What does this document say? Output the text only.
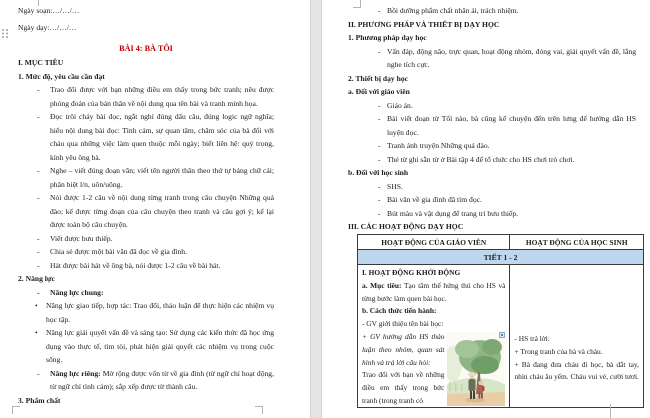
Ngày soạn:…/…/…

Ngày dạy:…/…/…

BÀI 4: BÀ TÔI

I. MỤC TIÊU

1. Mức độ, yêu cầu cần đạt

- Trao đổi được với bạn những điều em thấy trong bức tranh; nêu được phỏng đoán của bản thân về nội dung qua tên bài và tranh minh họa.

- Đọc trôi chảy bài đọc, ngắt nghỉ đúng dấu câu, đúng logic ngữ nghĩa; hiểu nội dung bài đọc: Tình cảm, sự quan tâm, chăm sóc của bà đối với cháu qua những việc làm quen thuộc mỗi ngày; biết liên hệ: quý trọng, kính yêu ông bà.

- Nghe – viết đúng đoạn văn; viết tên người thân theo thứ tự bảng chữ cái; phân biệt l/n, uôn/uông.

- Nói được 1-2 câu về nội dung từng tranh trong câu chuyện Những quả đào; kể được từng đoạn của câu chuyện theo tranh và câu gợi ý; kể lại được toàn bộ câu chuyện.

- Viết được bưu thiếp.

- Chia sẻ được một bài văn đã đọc về gia đình.

- Hát được bài hát về ông bà, nói được 1-2 câu về bài hát.

2. Năng lực

- Năng lực chung:

• Năng lực giao tiếp, hợp tác: Trao đổi, thảo luận để thực hiện các nhiệm vụ học tập.

• Năng lực giải quyết vấn đề và sáng tạo: Sử dụng các kiến thức đã học ứng dụng vào thực tế, tìm tòi, phát hiện giải quyết các nhiệm vụ trong cuộc sống.

- Năng lực riêng: Mở rộng được vốn từ về gia đình (từ ngữ chỉ hoạt động, từ ngữ chỉ tình cảm); sắp xếp được từ thành câu.

3. Phẩm chất

- Bồi dưỡng phẩm chất nhân ái, trách nhiệm.

II. PHƯƠNG PHÁP VÀ THIẾT BỊ DẠY HỌC

1. Phương pháp dạy học

- Vấn đáp, động não, trực quan, hoạt động nhóm, đóng vai, giải quyết vấn đề, lắng nghe tích cực.

2. Thiết bị dạy học

a. Đối với giáo viên

- Giáo án.

- Bài viết đoạn từ Tối nào, bà cũng kể chuyện đến trên lưng để hướng dẫn HS luyện đọc.

- Tranh ảnh truyện Những quả đào.

- Thẻ từ ghi sẵn từ ở Bài tập 4 để tổ chức cho HS chơi trò chơi.

b. Đối với học sinh

- SHS.

- Bài văn về gia đình đã tìm đọc.

- Bút màu và vật dụng để trang trí bưu thiếp.

III. CÁC HOẠT ĐỘNG DẠY HỌC

HOẠT ĐỘNG CỦA GIÁO VIÊN	HOẠT ĐỘNG CỦA HỌC SINH
TIẾT 1 - 2

I. HOẠT ĐỘNG KHỞI ĐỘNG

a. Mục tiêu: Tạo tâm thế hứng thú cho HS và từng bước làm quen bài học.

b. Cách thức tiến hành:

- GV giới thiệu tên bài học:

+ GV hướng dẫn HS thảo luận theo nhóm, quan sát hình và trả lời câu hỏi:

Trao đổi với bạn về những điều em thấy trong bức tranh (trong tranh có

- HS trả lời:

+ Trong tranh của bà và cháu.

+ Bà đang đưa cháu đi học, bà dắt tay, nhìn cháu âu yếm. Cháu vui vẻ, cười tươi.
